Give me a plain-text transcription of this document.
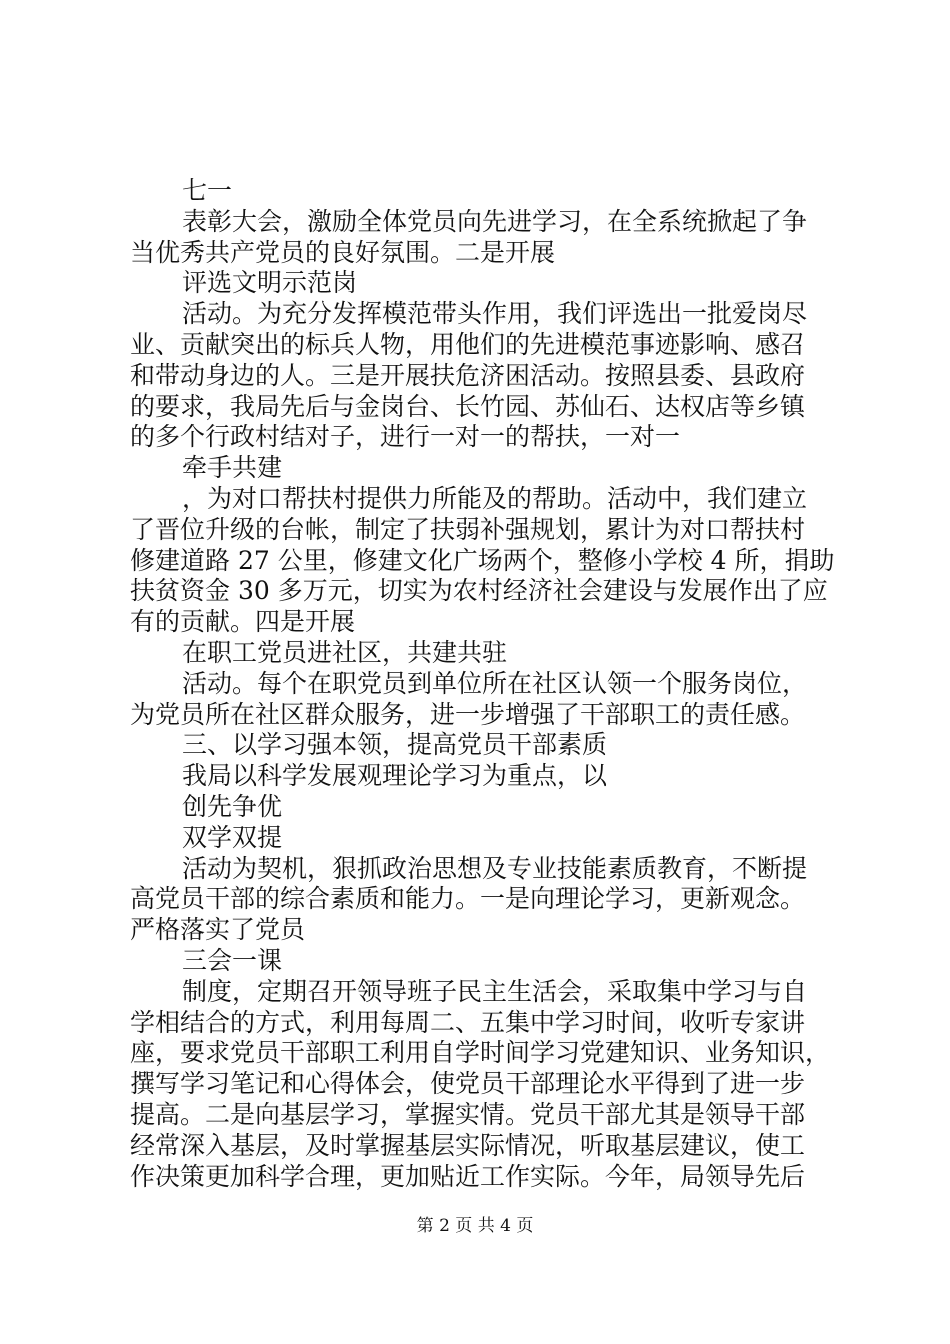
七一
表彰大会，激励全体党员向先进学习，在全系统掀起了争
当优秀共产党员的良好氛围。二是开展
评选文明示范岗
活动。为充分发挥模范带头作用，我们评选出一批爱岗尽
业、贡献突出的标兵人物，用他们的先进模范事迹影响、感召
和带动身边的人。三是开展扶危济困活动。按照县委、县政府
的要求，我局先后与金岗台、长竹园、苏仙石、达权店等乡镇
的多个行政村结对子，进行一对一的帮扶，一对一
牵手共建
，为对口帮扶村提供力所能及的帮助。活动中，我们建立
了晋位升级的台帐，制定了扶弱补强规划，累计为对口帮扶村
修建道路 27 公里，修建文化广场两个，整修小学校 4 所，捐助
扶贫资金 30 多万元，切实为农村经济社会建设与发展作出了应
有的贡献。四是开展
在职工党员进社区，共建共驻
活动。每个在职党员到单位所在社区认领一个服务岗位，
为党员所在社区群众服务，进一步增强了干部职工的责任感。
三、以学习强本领，提高党员干部素质
我局以科学发展观理论学习为重点，以
创先争优
双学双提
活动为契机，狠抓政治思想及专业技能素质教育，不断提
高党员干部的综合素质和能力。一是向理论学习，更新观念。
严格落实了党员
三会一课
制度，定期召开领导班子民主生活会，采取集中学习与自
学相结合的方式，利用每周二、五集中学习时间，收听专家讲
座，要求党员干部职工利用自学时间学习党建知识、业务知识，
撰写学习笔记和心得体会，使党员干部理论水平得到了进一步
提高。二是向基层学习，掌握实情。党员干部尤其是领导干部
经常深入基层，及时掌握基层实际情况，听取基层建议，使工
作决策更加科学合理，更加贴近工作实际。今年，局领导先后
第 2 页 共 4 页
